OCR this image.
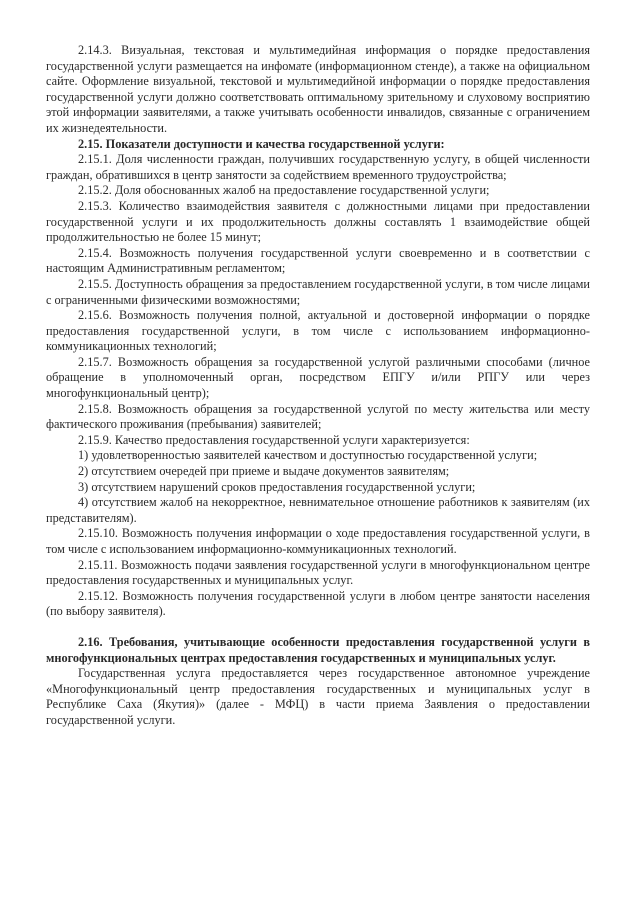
2.14.3. Визуальная, текстовая и мультимедийная информация о порядке предоставления государственной услуги размещается на инфомате (информационном стенде), а также на официальном сайте. Оформление визуальной, текстовой и мультимедийной информации о порядке предоставления государственной услуги должно соответствовать оптимальному зрительному и слуховому восприятию этой информации заявителями, а также учитывать особенности инвалидов, связанные с ограничением их жизнедеятельности.

2.15. Показатели доступности и качества государственной услуги:

2.15.1. Доля численности граждан, получивших государственную услугу, в общей численности граждан, обратившихся в центр занятости за содействием временного трудоустройства;

2.15.2. Доля обоснованных жалоб на предоставление государственной услуги;

2.15.3. Количество взаимодействия заявителя с должностными лицами при предоставлении государственной услуги и их продолжительность должны составлять 1 взаимодействие общей продолжительностью не более 15 минут;

2.15.4. Возможность получения государственной услуги своевременно и в соответствии с настоящим Административным регламентом;

2.15.5. Доступность обращения за предоставлением государственной услуги, в том числе лицами с ограниченными физическими возможностями;

2.15.6. Возможность получения полной, актуальной и достоверной информации о порядке предоставления государственной услуги, в том числе с использованием информационно-коммуникационных технологий;

2.15.7. Возможность обращения за государственной услугой различными способами (личное обращение в уполномоченный орган, посредством ЕПГУ и/или РПГУ или через многофункциональный центр);

2.15.8. Возможность обращения за государственной услугой по месту жительства или месту фактического проживания (пребывания) заявителей;

2.15.9. Качество предоставления государственной услуги характеризуется:

1) удовлетворенностью заявителей качеством и доступностью государственной услуги;

2) отсутствием очередей при приеме и выдаче документов заявителям;

3) отсутствием нарушений сроков предоставления государственной услуги;

4) отсутствием жалоб на некорректное, невнимательное отношение работников к заявителям (их представителям).

2.15.10. Возможность получения информации о ходе предоставления государственной услуги, в том числе с использованием информационно-коммуникационных технологий.

2.15.11. Возможность подачи заявления государственной услуги в многофункциональном центре предоставления государственных и муниципальных услуг.

2.15.12. Возможность получения государственной услуги в любом центре занятости населения (по выбору заявителя).

2.16. Требования, учитывающие особенности предоставления государственной услуги в многофункциональных центрах предоставления государственных и муниципальных услуг.

Государственная услуга предоставляется через государственное автономное учреждение «Многофункциональный центр предоставления государственных и муниципальных услуг в Республике Саха (Якутия)» (далее - МФЦ) в части приема Заявления о предоставлении государственной услуги.
